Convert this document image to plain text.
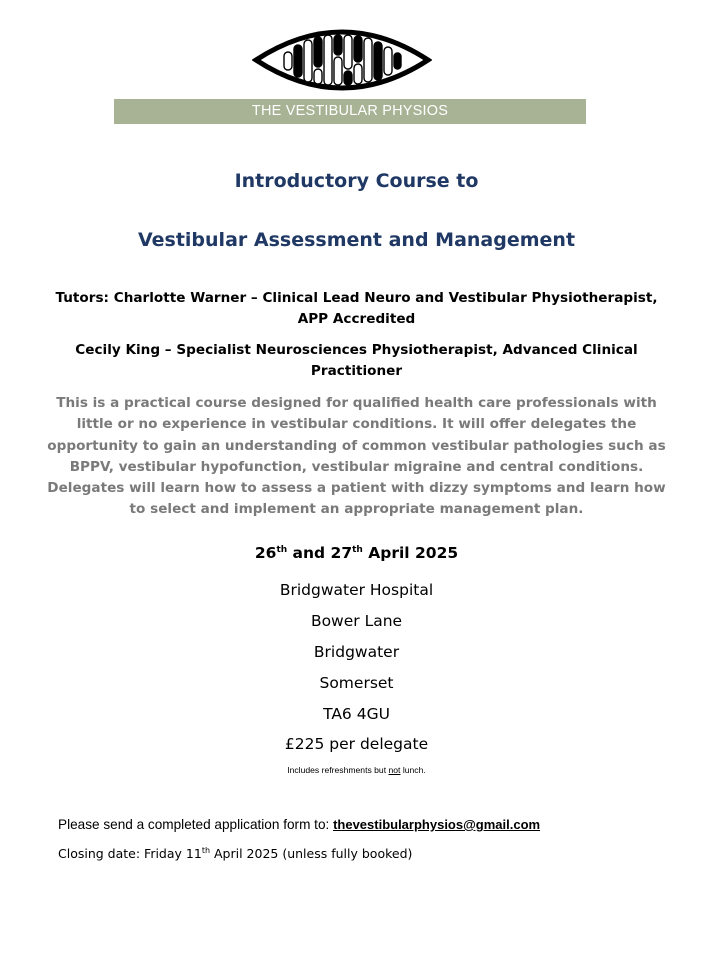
THE VESTIBULAR PHYSIOS
Introductory Course to
Vestibular Assessment and Management
Tutors: Charlotte Warner – Clinical Lead Neuro and Vestibular Physiotherapist,
APP Accredited
Cecily King – Specialist Neurosciences Physiotherapist, Advanced Clinical
Practitioner
This is a practical course designed for qualified health care professionals with
little or no experience in vestibular conditions. It will offer delegates the
opportunity to gain an understanding of common vestibular pathologies such as
BPPV, vestibular hypofunction, vestibular migraine and central conditions.
Delegates will learn how to assess a patient with dizzy symptoms and learn how
to select and implement an appropriate management plan.
26th and 27th April 2025
Bridgwater Hospital
Bower Lane
Bridgwater
Somerset
TA6 4GU
£225 per delegate
Includes refreshments but not lunch.
Please send a completed application form to: thevestibularphysios@gmail.com
Closing date: Friday 11th April 2025 (unless fully booked)
